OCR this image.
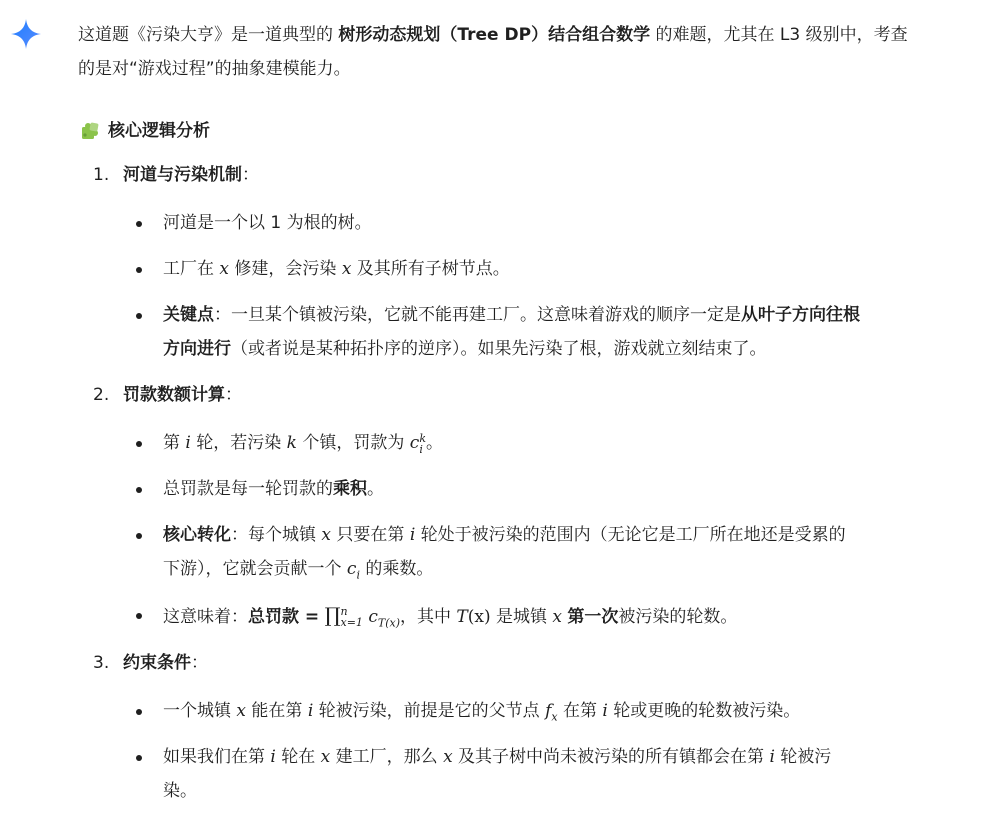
这道题《污染大亨》是一道典型的 树形动态规划（Tree DP）结合组合数学 的难题，尤其在 L3 级别中，考查的是对“游戏过程”的抽象建模能力。

核心逻辑分析
1. 河道与污染机制：
河道是一个以 1 为根的树。
工厂在 x 修建，会污染 x 及其所有子树节点。
关键点：一旦某个镇被污染，它就不能再建工厂。这意味着游戏的顺序一定是从叶子方向往根方向进行（或者说是某种拓扑序的逆序）。如果先污染了根，游戏就立刻结束了。
2. 罚款数额计算：
第 i 轮，若污染 k 个镇，罚款为 c k
i 。
总罚款是每一轮罚款的乘积。
核心转化：每个城镇 x 只要在第 i 轮处于被污染的范围内（无论它是工厂所在地还是受累的下游），它就会贡献一个 $c_i$ 的乘数。
这意味着：总罚款 = ∏ n
x=1 $c_{T(x)}$，其中 T(x) 是城镇 x 第一次被污染的轮数。
3. 约束条件：
一个城镇 x 能在第 i 轮被污染，前提是它的父节点 $f_x$ 在第 i 轮或更晚的轮数被污染。
如果我们在第 i 轮在 x 建工厂，那么 x 及其子树中尚未被污染的所有镇都会在第 i 轮被污染。
